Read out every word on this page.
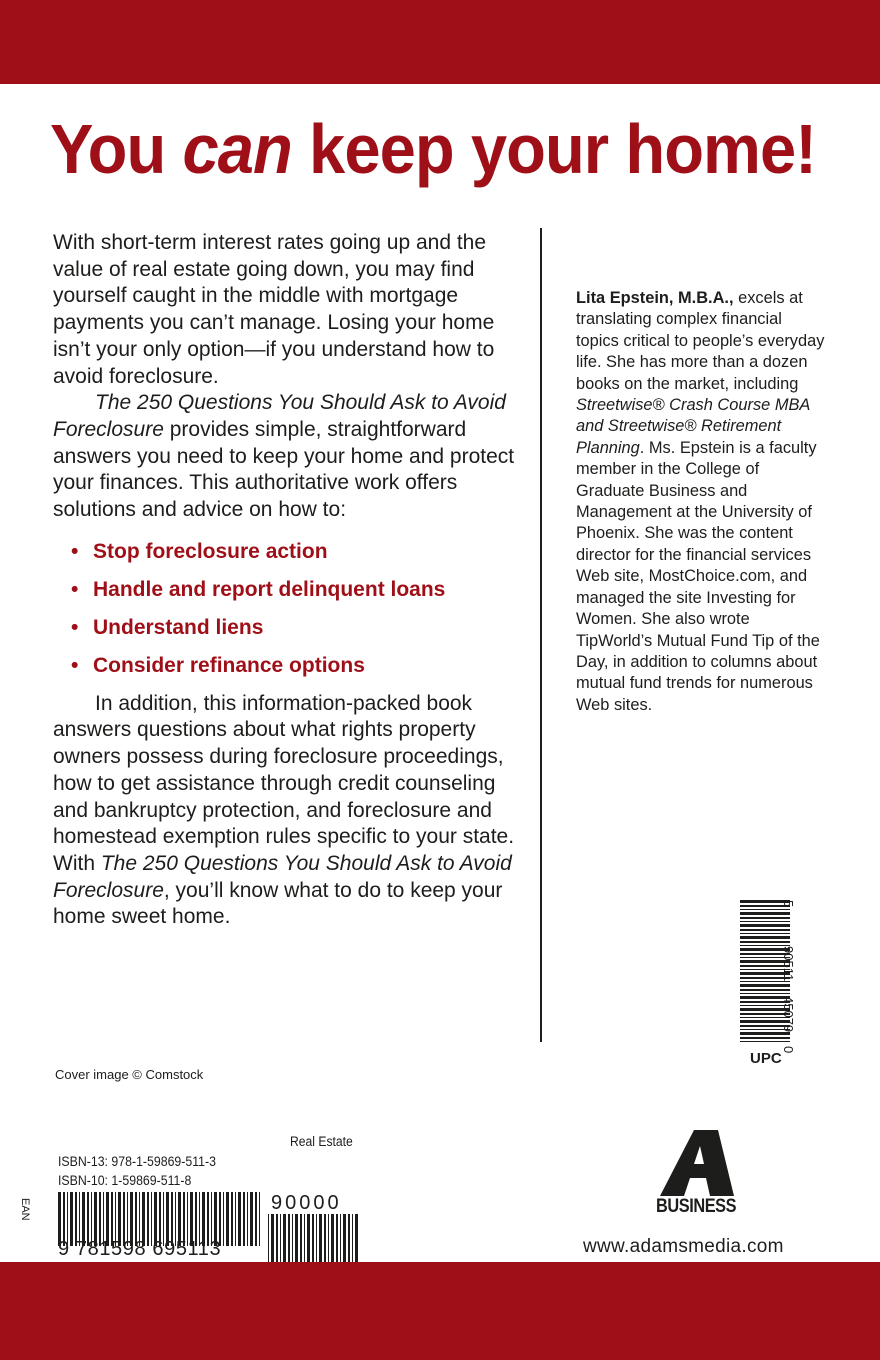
You can keep your home!

With short-term interest rates going up and the value of real estate going down, you may find yourself caught in the middle with mortgage payments you can’t manage. Losing your home isn’t your only option—if you understand how to avoid foreclosure.

The 250 Questions You Should Ask to Avoid Foreclosure provides simple, straightforward answers you need to keep your home and protect your finances. This authoritative work offers solutions and advice on how to:

• Stop foreclosure action
• Handle and report delinquent loans
• Understand liens
• Consider refinance options

In addition, this information-packed book answers questions about what rights property owners possess during foreclosure proceedings, how to get assistance through credit counseling and bankruptcy protection, and foreclosure and homestead exemption rules specific to your state. With The 250 Questions You Should Ask to Avoid Foreclosure, you’ll know what to do to keep your home sweet home.

Lita Epstein, M.B.A., excels at translating complex financial topics critical to people’s everyday life. She has more than a dozen books on the market, including Streetwise® Crash Course MBA and Streetwise® Retirement Planning. Ms. Epstein is a faculty member in the College of Graduate Business and Management at the University of Phoenix. She was the content director for the financial services Web site, MostChoice.com, and managed the site Investing for Women. She also wrote TipWorld’s Mutual Fund Tip of the Day, in addition to columns about mutual fund trends for numerous Web sites.
0
45079
90511
5
UPC
Cover image © Comstock
Real Estate
ISBN-13: 978-1-59869-511-3
ISBN-10: 1-59869-511-8
EAN
9 781598 695113
90000	BUSINESS
www.adamsmedia.com
